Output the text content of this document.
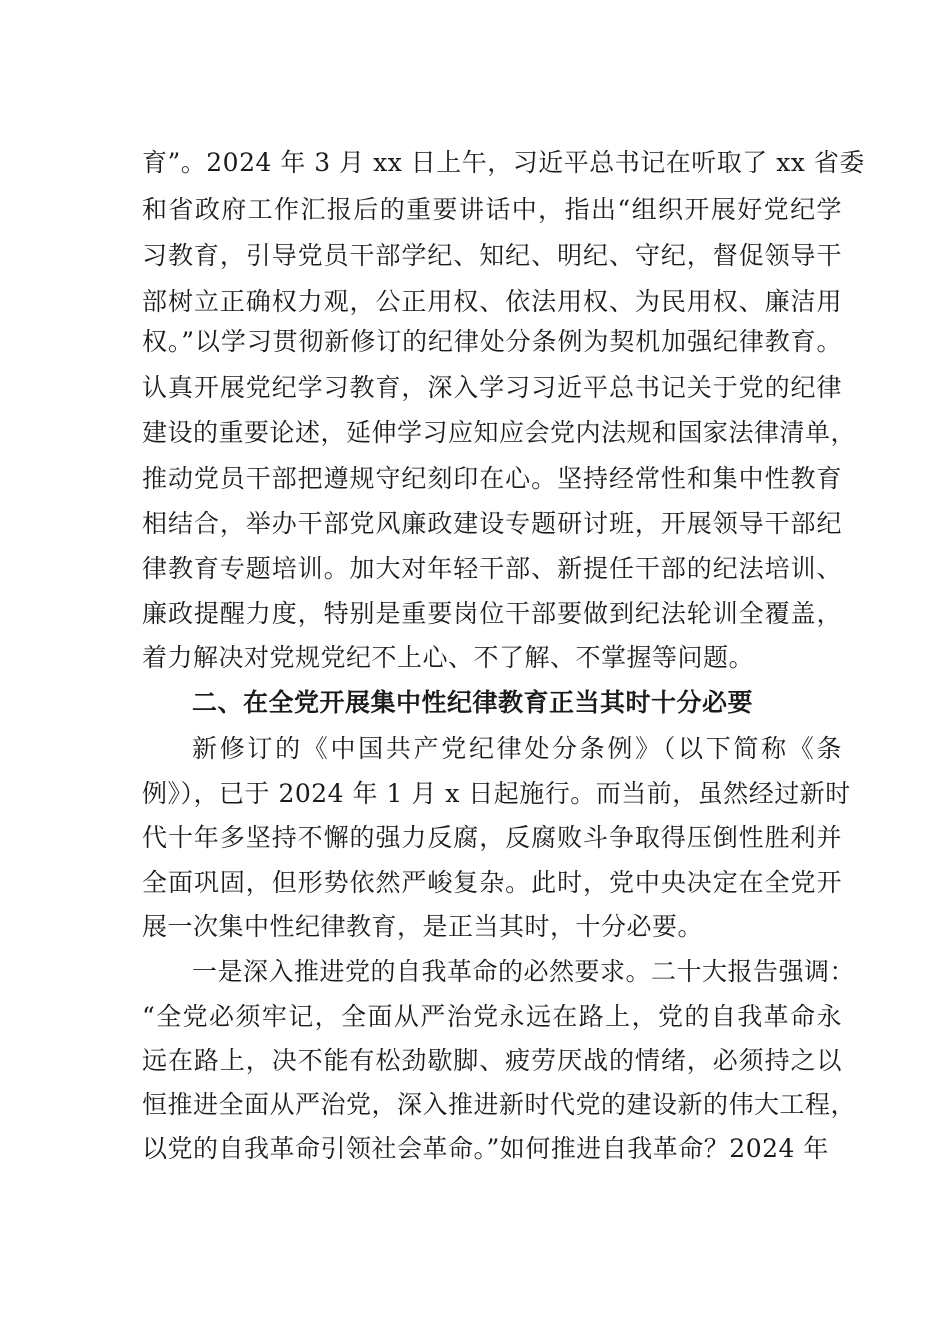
育”。2024 年 3 月 xx 日上午，习近平总书记在听取了 xx 省委
和省政府工作汇报后的重要讲话中，指出“组织开展好党纪学
习教育，引导党员干部学纪、知纪、明纪、守纪，督促领导干
部树立正确权力观，公正用权、依法用权、为民用权、廉洁用
权。”以学习贯彻新修订的纪律处分条例为契机加强纪律教育。
认真开展党纪学习教育，深入学习习近平总书记关于党的纪律
建设的重要论述，延伸学习应知应会党内法规和国家法律清单，
推动党员干部把遵规守纪刻印在心。坚持经常性和集中性教育
相结合，举办干部党风廉政建设专题研讨班，开展领导干部纪
律教育专题培训。加大对年轻干部、新提任干部的纪法培训、
廉政提醒力度，特别是重要岗位干部要做到纪法轮训全覆盖，
着力解决对党规党纪不上心、不了解、不掌握等问题。
二、在全党开展集中性纪律教育正当其时十分必要
新修订的《中国共产党纪律处分条例》（以下简称《条
例》），已于 2024 年 1 月 x 日起施行。而当前，虽然经过新时
代十年多坚持不懈的强力反腐，反腐败斗争取得压倒性胜利并
全面巩固，但形势依然严峻复杂。此时，党中央决定在全党开
展一次集中性纪律教育，是正当其时，十分必要。
一是深入推进党的自我革命的必然要求。二十大报告强调：
“全党必须牢记，全面从严治党永远在路上，党的自我革命永
远在路上，决不能有松劲歇脚、疲劳厌战的情绪，必须持之以
恒推进全面从严治党，深入推进新时代党的建设新的伟大工程，
以党的自我革命引领社会革命。”如何推进自我革命？2024 年
